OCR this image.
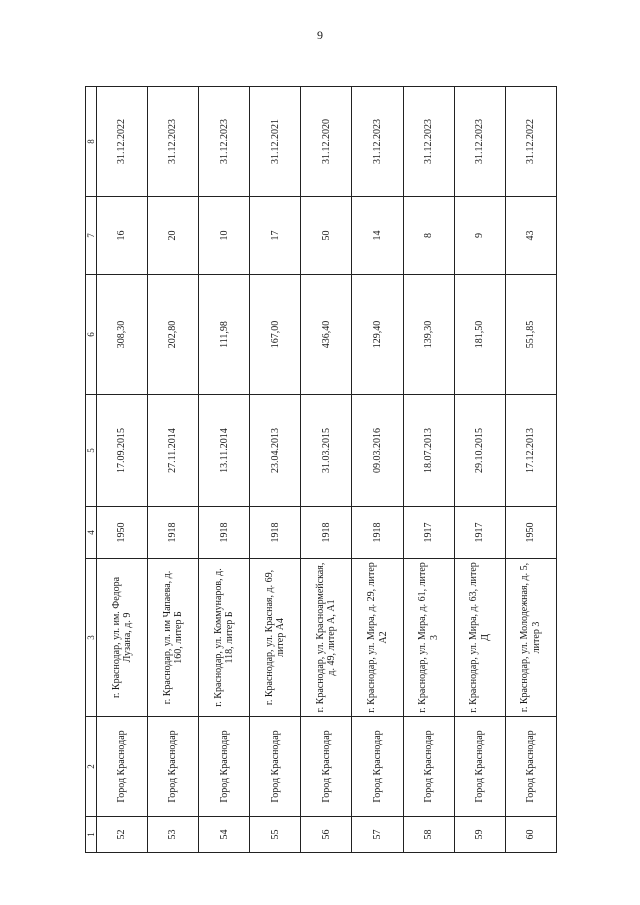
9
1	2	3	4	5	6	7	8
52	Город Краснодар	г. Краснодар, ул. им. Федора Лузана, д. 9	1950	17.09.2015	308,30	16	31.12.2022
53	Город Краснодар	г. Краснодар, ул. им Чапаева, д. 160, литер Б	1918	27.11.2014	202,80	20	31.12.2023
54	Город Краснодар	г. Краснодар, ул. Коммунаров, д. 118, литер Б	1918	13.11.2014	111,98	10	31.12.2023
55	Город Краснодар	г. Краснодар, ул. Красная, д. 69, литер А4	1918	23.04.2013	167,00	17	31.12.2021
56	Город Краснодар	г. Краснодар, ул. Красноармейская, д. 49, литер А, А1	1918	31.03.2015	436,40	50	31.12.2020
57	Город Краснодар	г. Краснодар, ул. Мира, д. 29, литер А2	1918	09.03.2016	129,40	14	31.12.2023
58	Город Краснодар	г. Краснодар, ул. Мира, д. 61, литер 3	1917	18.07.2013	139,30	8	31.12.2023
59	Город Краснодар	г. Краснодар, ул. Мира, д. 63, литер Д	1917	29.10.2015	181,50	9	31.12.2023
60	Город Краснодар	г. Краснодар, ул. Молодежная, д. 5, литер 3	1950	17.12.2013	551,85	43	31.12.2022
